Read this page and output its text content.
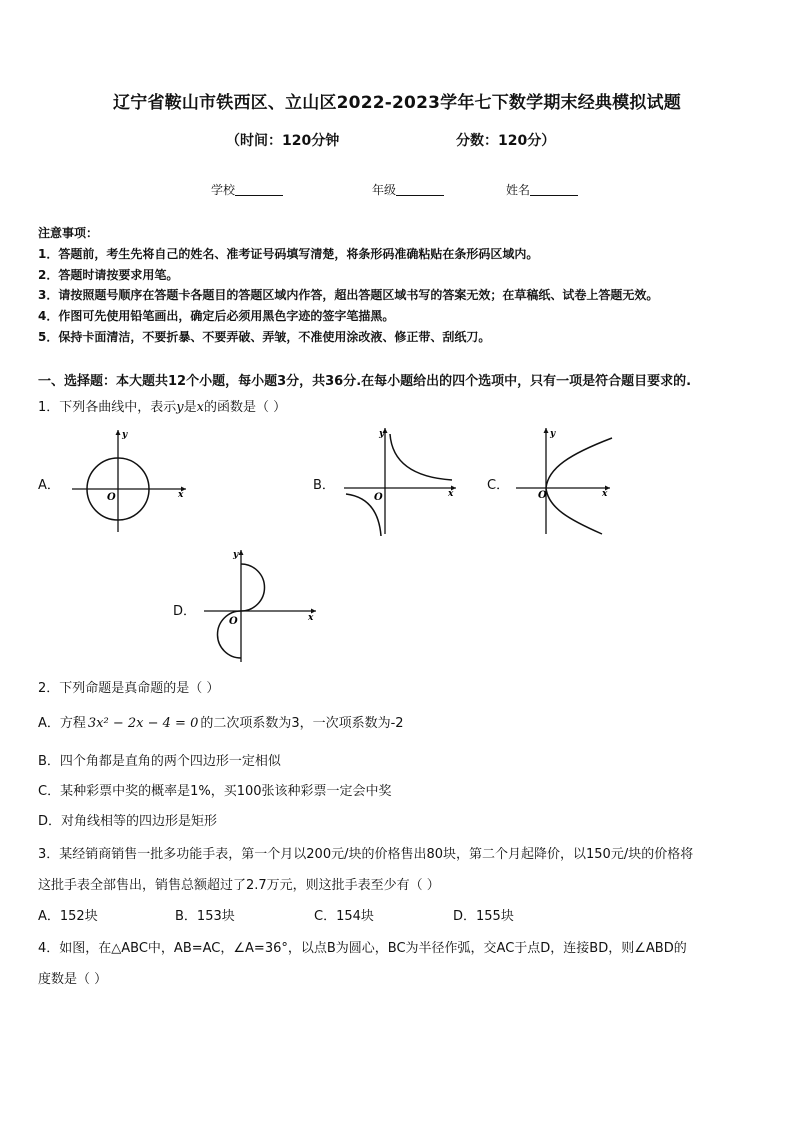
辽宁省鞍山市铁西区、立山区2022-2023学年七下数学期末经典模拟试题
（时间：120分钟	分数：120分）
学校	年级	姓名
注意事项：
1．答题前，考生先将自己的姓名、准考证号码填写清楚，将条形码准确粘贴在条形码区域内。
2．答题时请按要求用笔。
3．请按照题号顺序在答题卡各题目的答题区域内作答，超出答题区域书写的答案无效；在草稿纸、试卷上答题无效。
4．作图可先使用铅笔画出，确定后必须用黑色字迹的签字笔描黑。
5．保持卡面清洁，不要折暴、不要弄破、弄皱，不准使用涂改液、修正带、刮纸刀。
一、选择题：本大题共12个小题，每小题3分，共36分.在每小题给出的四个选项中，只有一项是符合题目要求的.
1．下列各曲线中，表示y是x的函数是（ ）
A．
x
y
O
B．
x
y
O
C．
x
y
O
D．	x
y
O
2．下列命题是真命题的是（ ）
A．方程 3x² − 2x − 4 = 0 的二次项系数为3，一次项系数为-2
B．四个角都是直角的两个四边形一定相似
C．某种彩票中奖的概率是1%，买100张该种彩票一定会中奖
D．对角线相等的四边形是矩形
3．某经销商销售一批多功能手表，第一个月以200元/块的价格售出80块，第二个月起降价，以150元/块的价格将
这批手表全部售出，销售总额超过了2.7万元，则这批手表至少有（ ）
A．152块	B．153块	C．154块	D．155块
4．如图，在△ABC中，AB=AC，∠A=36°，以点B为圆心，BC为半径作弧，交AC于点D，连接BD，则∠ABD的
度数是（ ）
